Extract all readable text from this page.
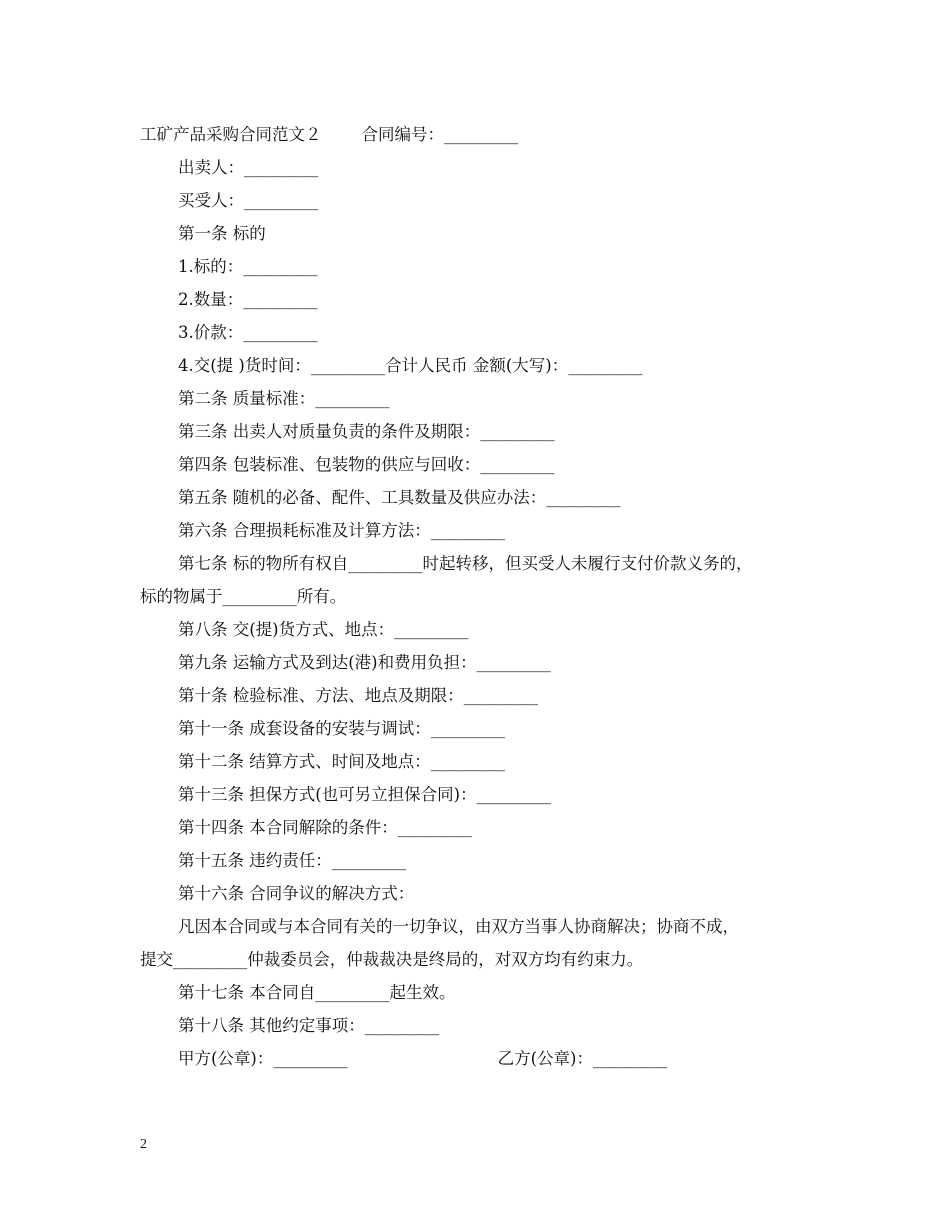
工矿产品采购合同范文２ 合同编号：_________
出卖人：_________
买受人：_________
第一条 标的
1.标的：_________
2.数量：_________
3.价款：_________
4.交(提 )货时间：_________合计人民币 金额(大写)：_________
第二条 质量标准：_________
第三条 出卖人对质量负责的条件及期限：_________
第四条 包装标准、包装物的供应与回收：_________
第五条 随机的必备、配件、工具数量及供应办法：_________
第六条 合理损耗标准及计算方法：_________
第七条 标的物所有权自_________时起转移，但买受人未履行支付价款义务的，
标的物属于_________所有。
第八条 交(提)货方式、地点：_________
第九条 运输方式及到达(港)和费用负担：_________
第十条 检验标准、方法、地点及期限：_________
第十一条 成套设备的安装与调试：_________
第十二条 结算方式、时间及地点：_________
第十三条 担保方式(也可另立担保合同)：_________
第十四条 本合同解除的条件：_________
第十五条 违约责任：_________
第十六条 合同争议的解决方式：
凡因本合同或与本合同有关的一切争议，由双方当事人协商解决；协商不成，
提交_________仲裁委员会，仲裁裁决是终局的，对双方均有约束力。
第十七条 本合同自_________起生效。
第十八条 其他约定事项：_________
甲方(公章)：_________	乙方(公章)：_________
2
